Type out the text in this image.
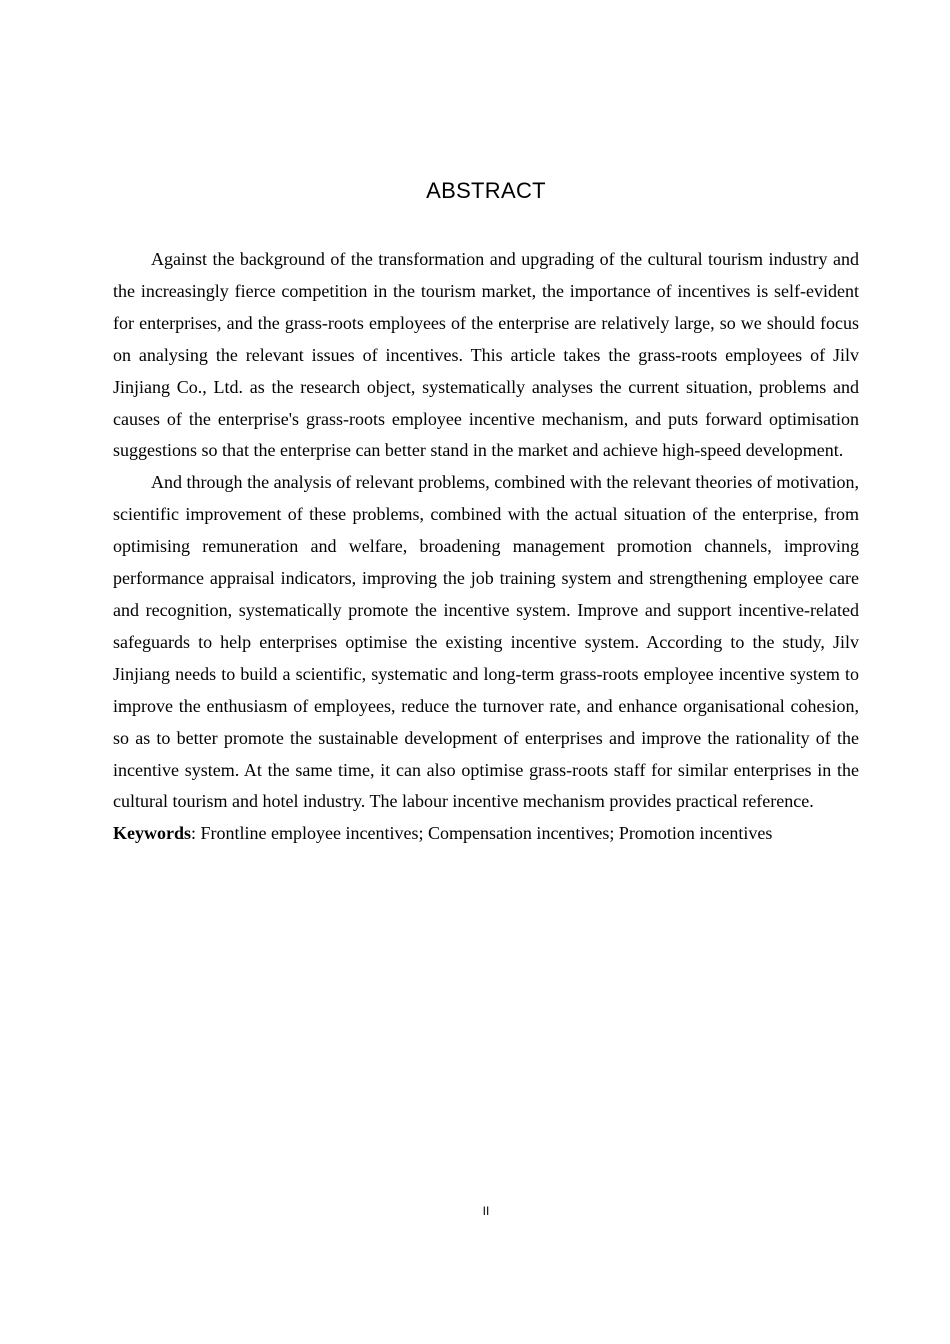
ABSTRACT

Against the background of the transformation and upgrading of the cultural tourism industry and the increasingly fierce competition in the tourism market, the importance of incentives is self-evident for enterprises, and the grass-roots employees of the enterprise are relatively large, so we should focus on analysing the relevant issues of incentives. This article takes the grass-roots employees of Jilv Jinjiang Co., Ltd. as the research object, systematically analyses the current situation, problems and causes of the enterprise's grass-roots employee incentive mechanism, and puts forward optimisation suggestions so that the enterprise can better stand in the market and achieve high-speed development.

And through the analysis of relevant problems, combined with the relevant theories of motivation, scientific improvement of these problems, combined with the actual situation of the enterprise, from optimising remuneration and welfare, broadening management promotion channels, improving performance appraisal indicators, improving the job training system and strengthening employee care and recognition, systematically promote the incentive system. Improve and support incentive-related safeguards to help enterprises optimise the existing incentive system. According to the study, Jilv Jinjiang needs to build a scientific, systematic and long-term grass-roots employee incentive system to improve the enthusiasm of employees, reduce the turnover rate, and enhance organisational cohesion, so as to better promote the sustainable development of enterprises and improve the rationality of the incentive system. At the same time, it can also optimise grass-roots staff for similar enterprises in the cultural tourism and hotel industry. The labour incentive mechanism provides practical reference.

Keywords: Frontline employee incentives; Compensation incentives; Promotion incentives

II
